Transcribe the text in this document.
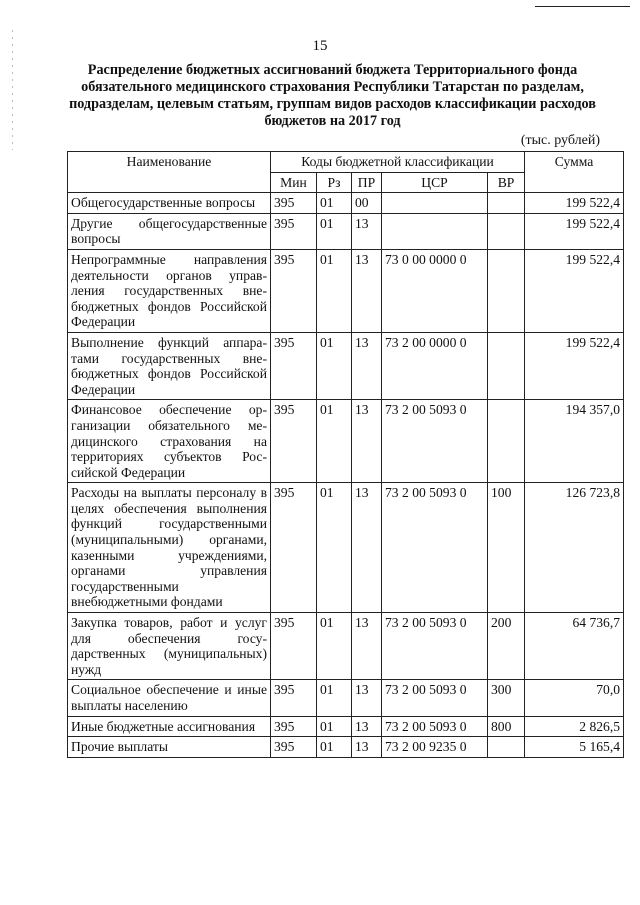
15
Распределение бюджетных ассигнований бюджета Территориального фонда обязательного медицинского страхования Республики Татарстан по разделам, подразделам, целевым статьям, группам видов расходов классификации расходов бюджетов на 2017 год
(тыс. рублей)
Наименование	Коды бюджетной классификации					Сумма
	Мин	Рз	ПР	ЦСР	ВР	
Общегосударственные вопросы	395	01	00			199 522,4
Другие общегосударственные вопросы	395	01	13			199 522,4
Непрограммные направления деятельности органов управления государственных внебюджетных фондов Российской Федерации	395	01	13	73 0 00 0000 0		199 522,4
Выполнение функций аппаратами государственных внебюджетных фондов Российской Федерации	395	01	13	73 2 00 0000 0		199 522,4
Финансовое обеспечение организации обязательного медицинского страхования на территориях субъектов Российской Федерации	395	01	13	73 2 00 5093 0		194 357,0
Расходы на выплаты персоналу в целях обеспечения выполнения функций государственными (муниципальными) органами, казенными учреждениями, органами управления государственными внебюджетными фондами	395	01	13	73 2 00 5093 0	100	126 723,8
Закупка товаров, работ и услуг для обеспечения государственных (муниципальных) нужд	395	01	13	73 2 00 5093 0	200	64 736,7
Социальное обеспечение и иные выплаты населению	395	01	13	73 2 00 5093 0	300	70,0
Иные бюджетные ассигнования	395	01	13	73 2 00 5093 0	800	2 826,5
Прочие выплаты	395	01	13	73 2 00 9235 0		5 165,4
